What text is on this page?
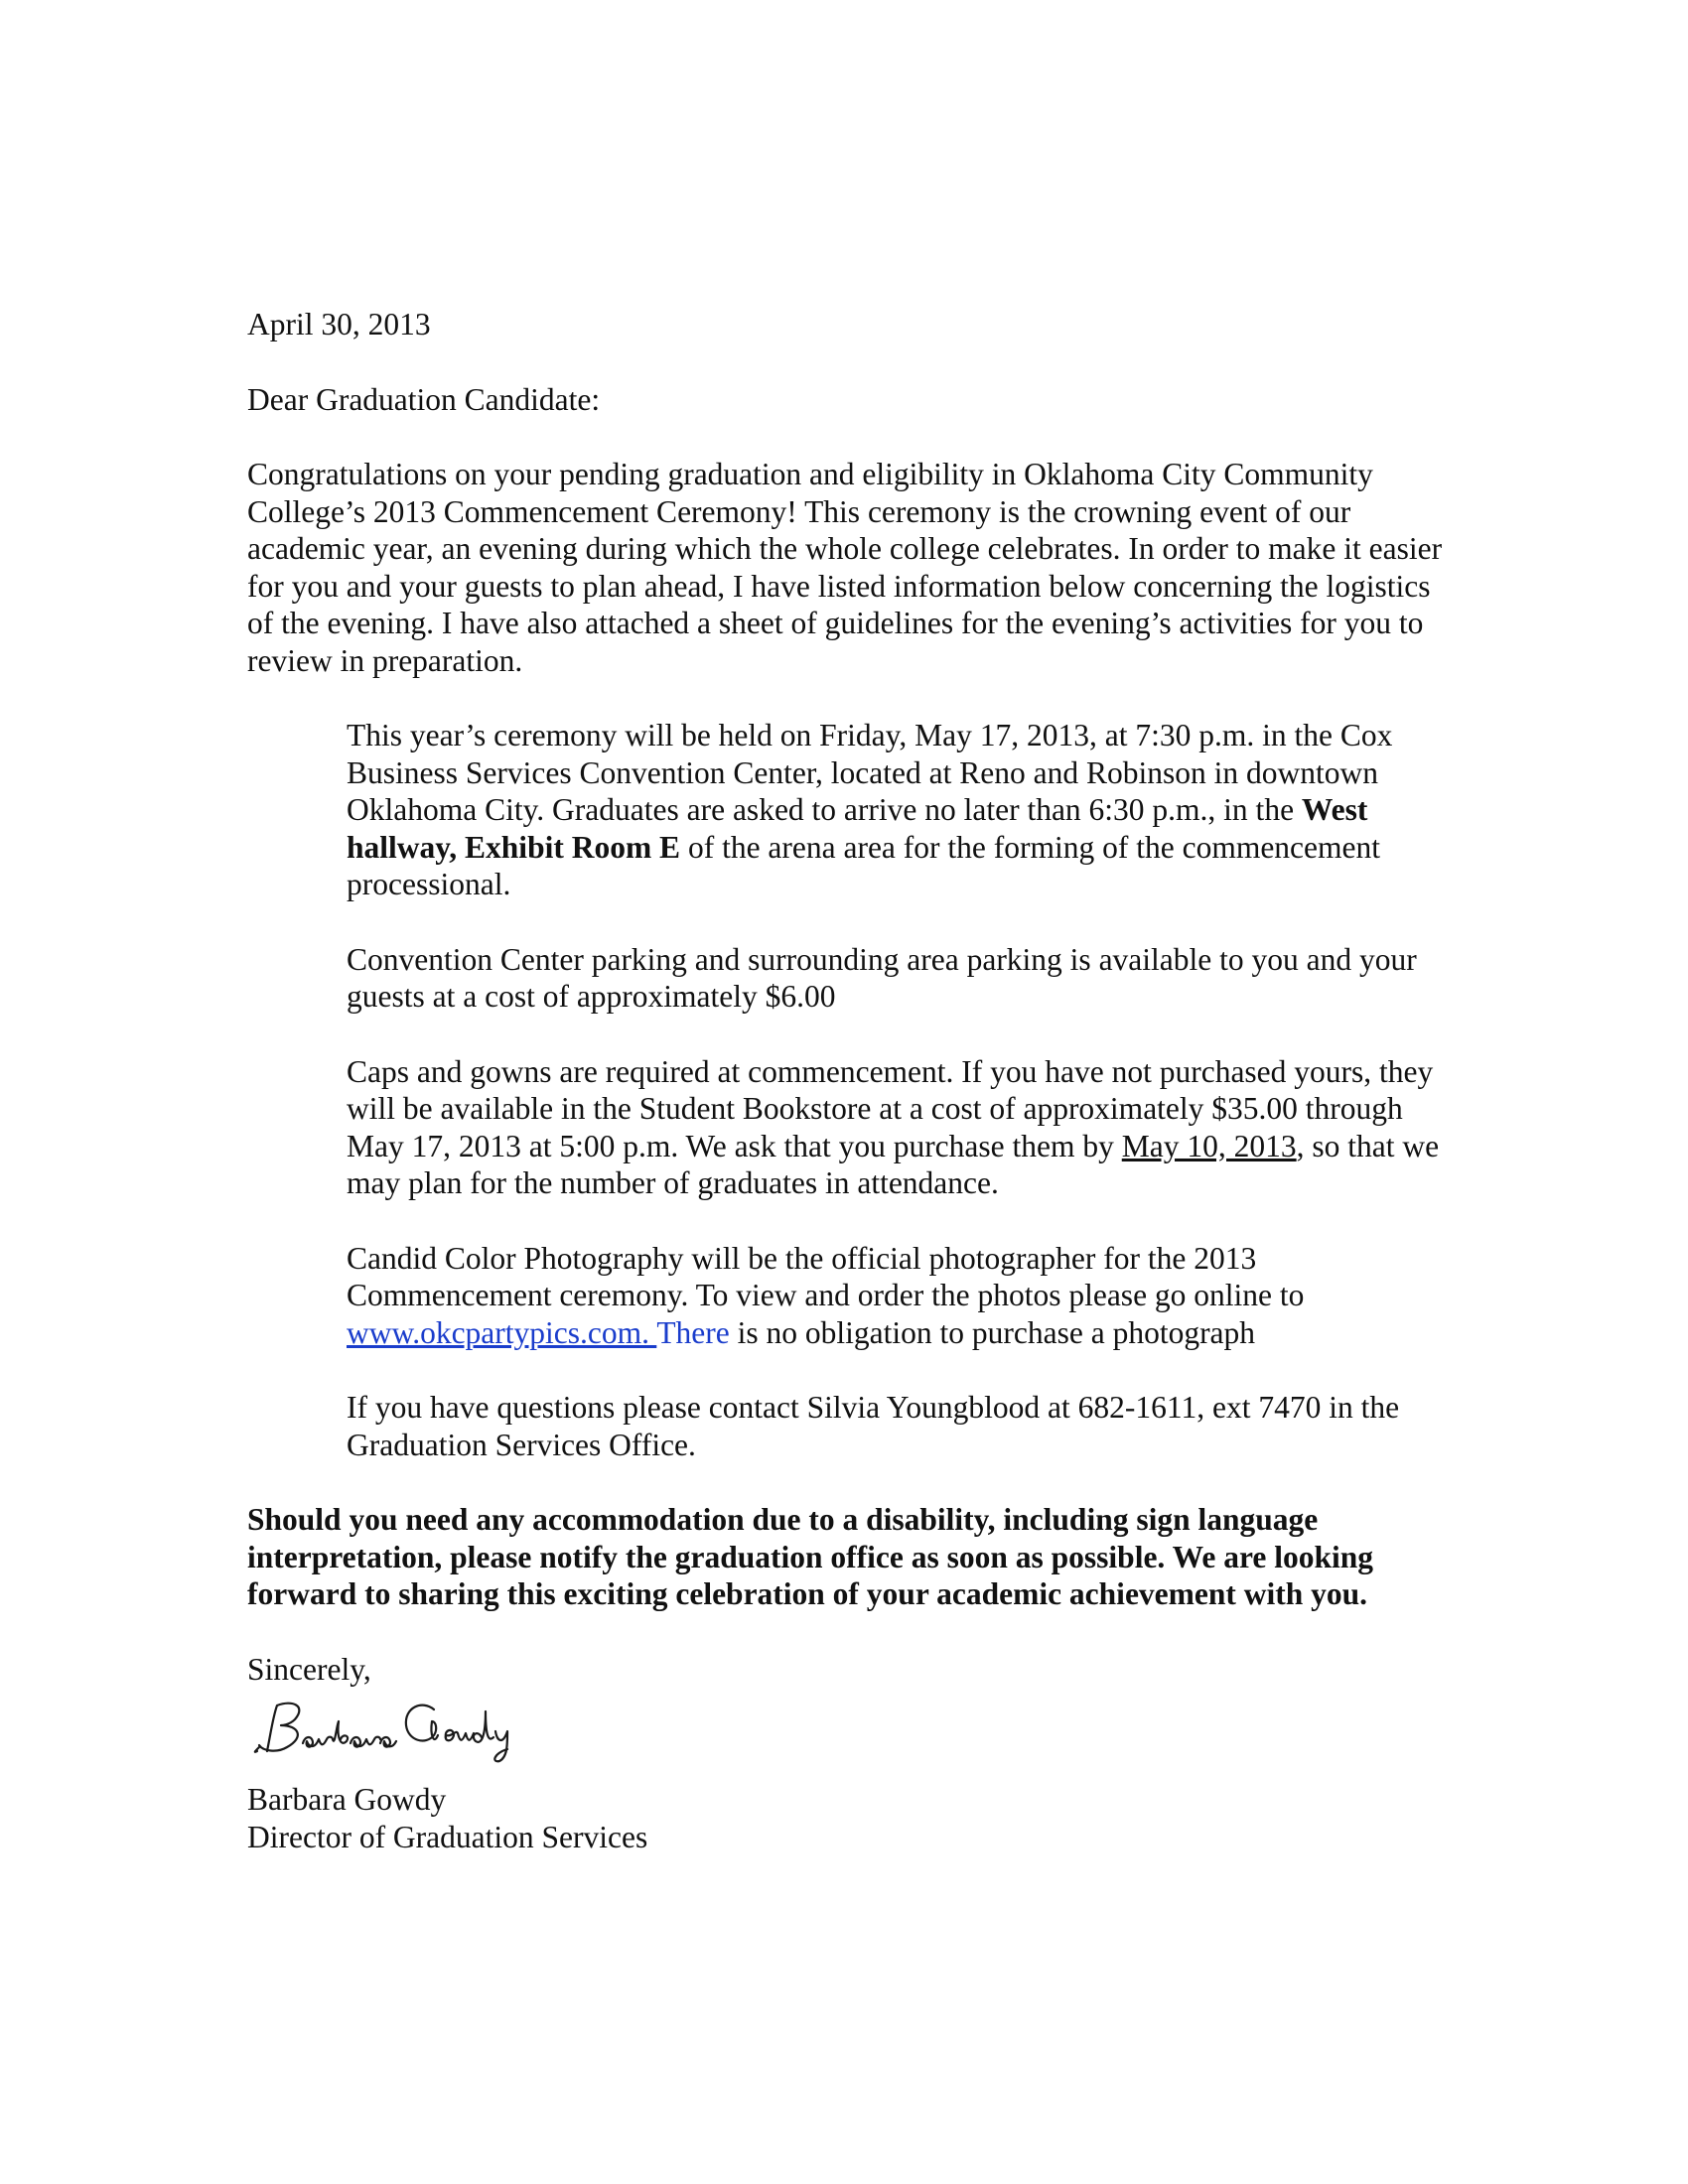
April 30, 2013

Dear Graduation Candidate:

Congratulations on your pending graduation and eligibility in Oklahoma City Community College’s 2013 Commencement Ceremony! This ceremony is the crowning event of our academic year, an evening during which the whole college celebrates. In order to make it easier for you and your guests to plan ahead, I have listed information below concerning the logistics of the evening. I have also attached a sheet of guidelines for the evening’s activities for you to review in preparation.

This year’s ceremony will be held on Friday, May 17, 2013, at 7:30 p.m. in the Cox Business Services Convention Center, located at Reno and Robinson in downtown Oklahoma City. Graduates are asked to arrive no later than 6:30 p.m., in the West hallway, Exhibit Room E of the arena area for the forming of the commencement processional.
Convention Center parking and surrounding area parking is available to you and your guests at a cost of approximately $6.00
Caps and gowns are required at commencement. If you have not purchased yours, they will be available in the Student Bookstore at a cost of approximately $35.00 through May 17, 2013 at 5:00 p.m. We ask that you purchase them by May 10, 2013, so that we may plan for the number of graduates in attendance.
Candid Color Photography will be the official photographer for the 2013 Commencement ceremony. To view and order the photos please go online to www.okcpartypics.com. There is no obligation to purchase a photograph
If you have questions please contact Silvia Youngblood at 682-1611, ext 7470 in the Graduation Services Office.

Should you need any accommodation due to a disability, including sign language interpretation, please notify the graduation office as soon as possible. We are looking forward to sharing this exciting celebration of your academic achievement with you.

Sincerely,

Barbara Gowdy

Director of Graduation Services
